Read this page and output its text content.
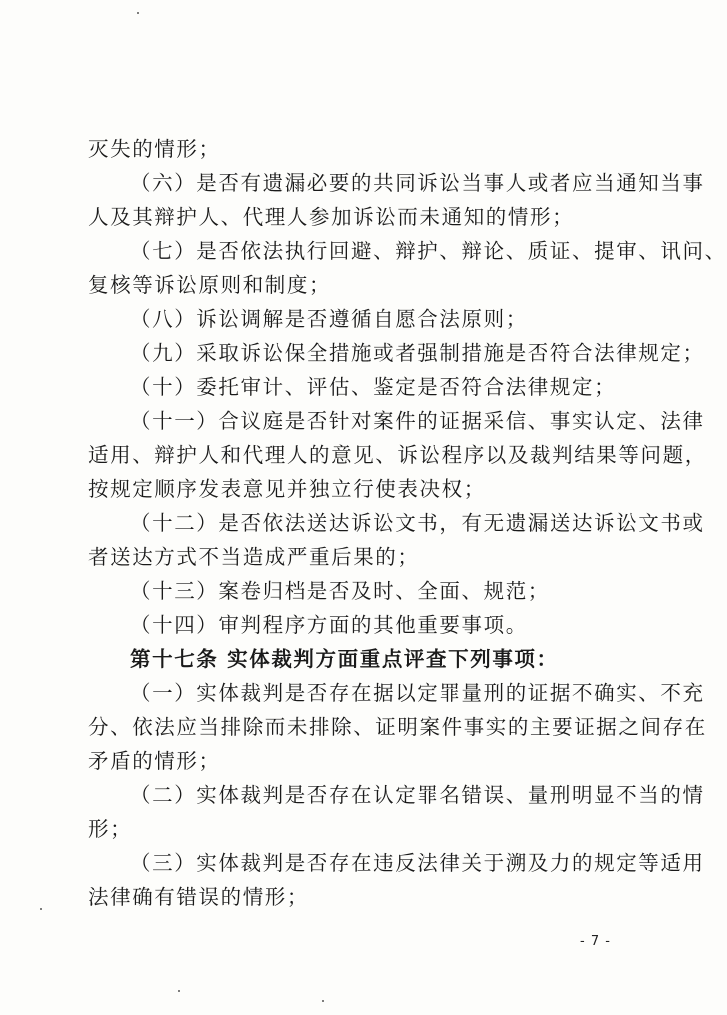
灭失的情形；
（六）是否有遗漏必要的共同诉讼当事人或者应当通知当事
人及其辩护人、代理人参加诉讼而未通知的情形；
（七）是否依法执行回避、辩护、辩论、质证、提审、讯问、
复核等诉讼原则和制度；
（八）诉讼调解是否遵循自愿合法原则；
（九）采取诉讼保全措施或者强制措施是否符合法律规定；
（十）委托审计、评估、鉴定是否符合法律规定；
（十一）合议庭是否针对案件的证据采信、事实认定、法律
适用、辩护人和代理人的意见、诉讼程序以及裁判结果等问题，
按规定顺序发表意见并独立行使表决权；
（十二）是否依法送达诉讼文书，有无遗漏送达诉讼文书或
者送达方式不当造成严重后果的；
（十三）案卷归档是否及时、全面、规范；
（十四）审判程序方面的其他重要事项。
第十七条 实体裁判方面重点评查下列事项：
（一）实体裁判是否存在据以定罪量刑的证据不确实、不充
分、依法应当排除而未排除、证明案件事实的主要证据之间存在
矛盾的情形；
（二）实体裁判是否存在认定罪名错误、量刑明显不当的情
形；
（三）实体裁判是否存在违反法律关于溯及力的规定等适用
法律确有错误的情形；
- 7 -
